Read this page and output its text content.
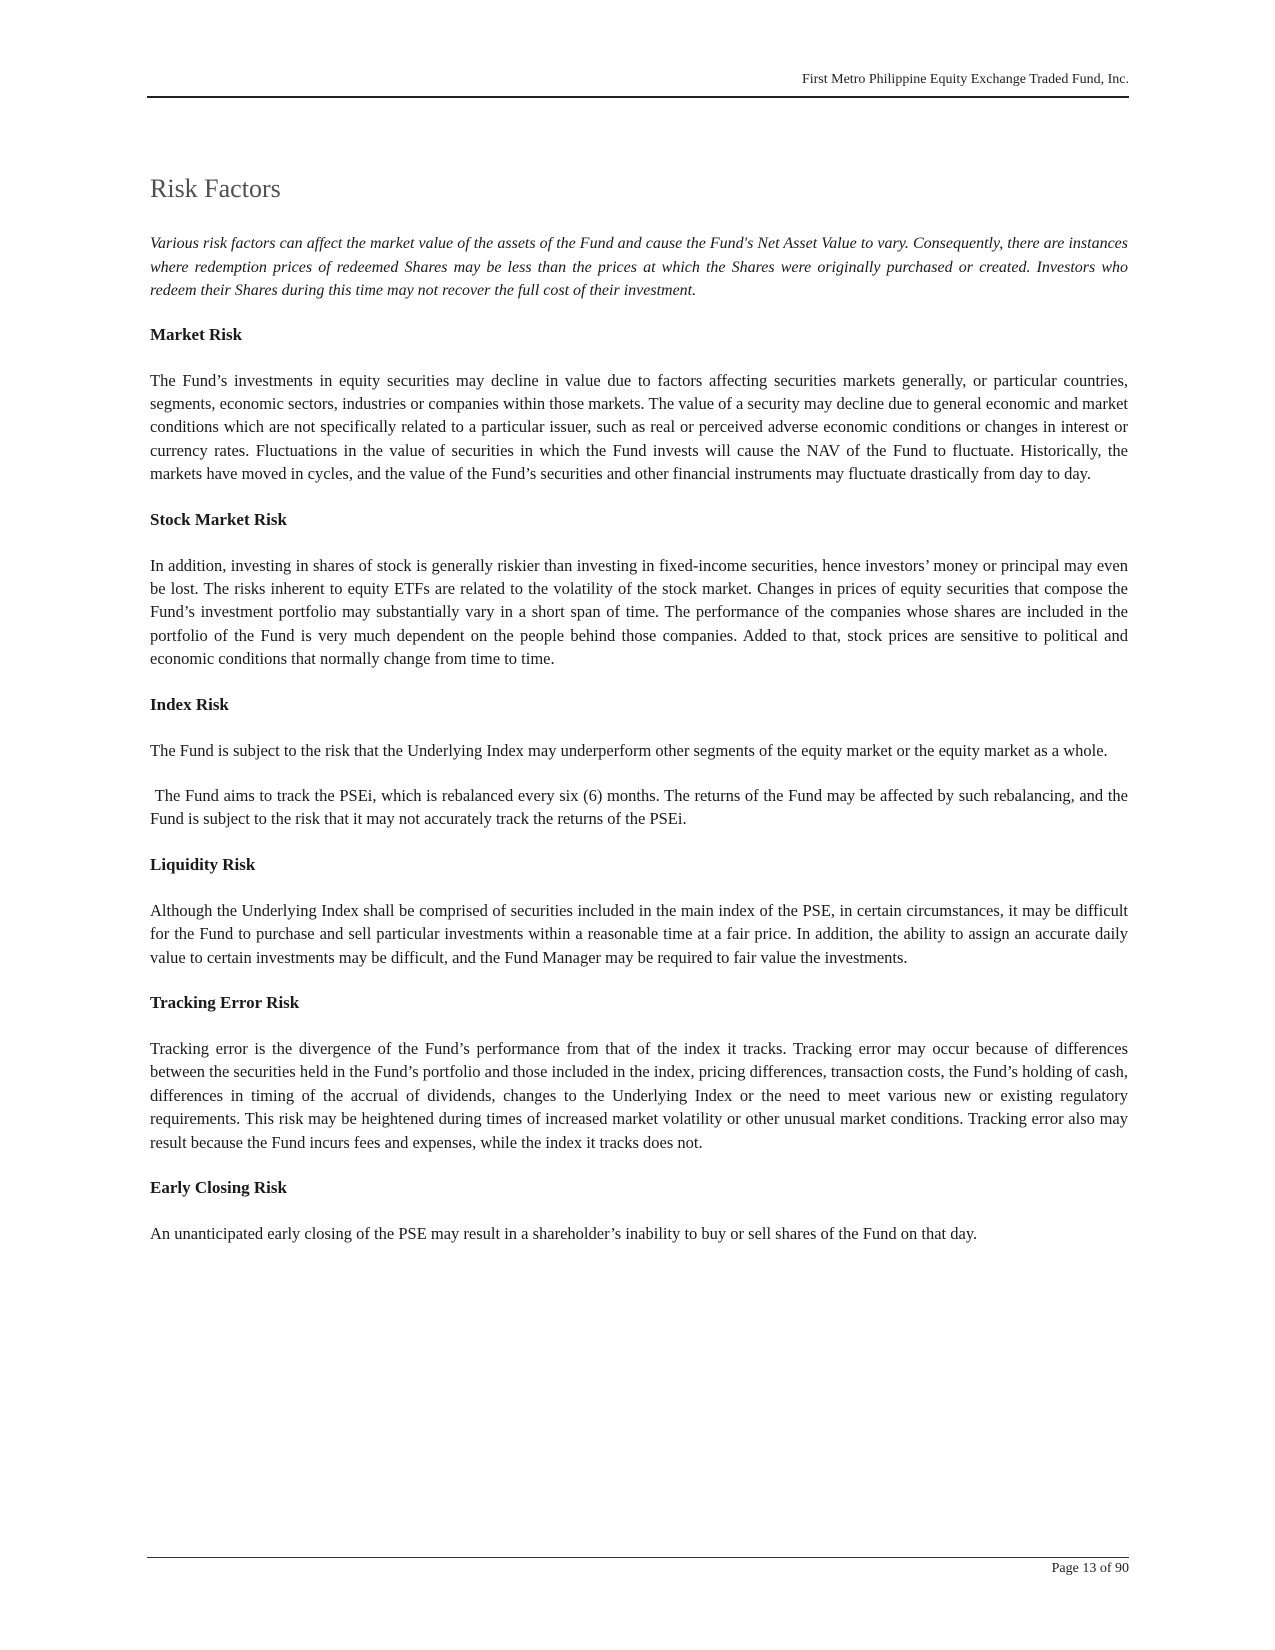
First Metro Philippine Equity Exchange Traded Fund, Inc.
Risk Factors

Various risk factors can affect the market value of the assets of the Fund and cause the Fund's Net Asset Value to vary. Consequently, there are instances where redemption prices of redeemed Shares may be less than the prices at which the Shares were originally purchased or created. Investors who redeem their Shares during this time may not recover the full cost of their investment.

Market Risk

The Fund’s investments in equity securities may decline in value due to factors affecting securities markets generally, or particular countries, segments, economic sectors, industries or companies within those markets. The value of a security may decline due to general economic and market conditions which are not specifically related to a particular issuer, such as real or perceived adverse economic conditions or changes in interest or currency rates. Fluctuations in the value of securities in which the Fund invests will cause the NAV of the Fund to fluctuate. Historically, the markets have moved in cycles, and the value of the Fund’s securities and other financial instruments may fluctuate drastically from day to day.

Stock Market Risk

In addition, investing in shares of stock is generally riskier than investing in fixed-income securities, hence investors’ money or principal may even be lost. The risks inherent to equity ETFs are related to the volatility of the stock market. Changes in prices of equity securities that compose the Fund’s investment portfolio may substantially vary in a short span of time. The performance of the companies whose shares are included in the portfolio of the Fund is very much dependent on the people behind those companies. Added to that, stock prices are sensitive to political and economic conditions that normally change from time to time.

Index Risk

The Fund is subject to the risk that the Underlying Index may underperform other segments of the equity market or the equity market as a whole.

The Fund aims to track the PSEi, which is rebalanced every six (6) months. The returns of the Fund may be affected by such rebalancing, and the Fund is subject to the risk that it may not accurately track the returns of the PSEi.

Liquidity Risk

Although the Underlying Index shall be comprised of securities included in the main index of the PSE, in certain circumstances, it may be difficult for the Fund to purchase and sell particular investments within a reasonable time at a fair price. In addition, the ability to assign an accurate daily value to certain investments may be difficult, and the Fund Manager may be required to fair value the investments.

Tracking Error Risk

Tracking error is the divergence of the Fund’s performance from that of the index it tracks. Tracking error may occur because of differences between the securities held in the Fund’s portfolio and those included in the index, pricing differences, transaction costs, the Fund’s holding of cash, differences in timing of the accrual of dividends, changes to the Underlying Index or the need to meet various new or existing regulatory requirements. This risk may be heightened during times of increased market volatility or other unusual market conditions. Tracking error also may result because the Fund incurs fees and expenses, while the index it tracks does not.

Early Closing Risk

An unanticipated early closing of the PSE may result in a shareholder’s inability to buy or sell shares of the Fund on that day.

Page 13 of 90
